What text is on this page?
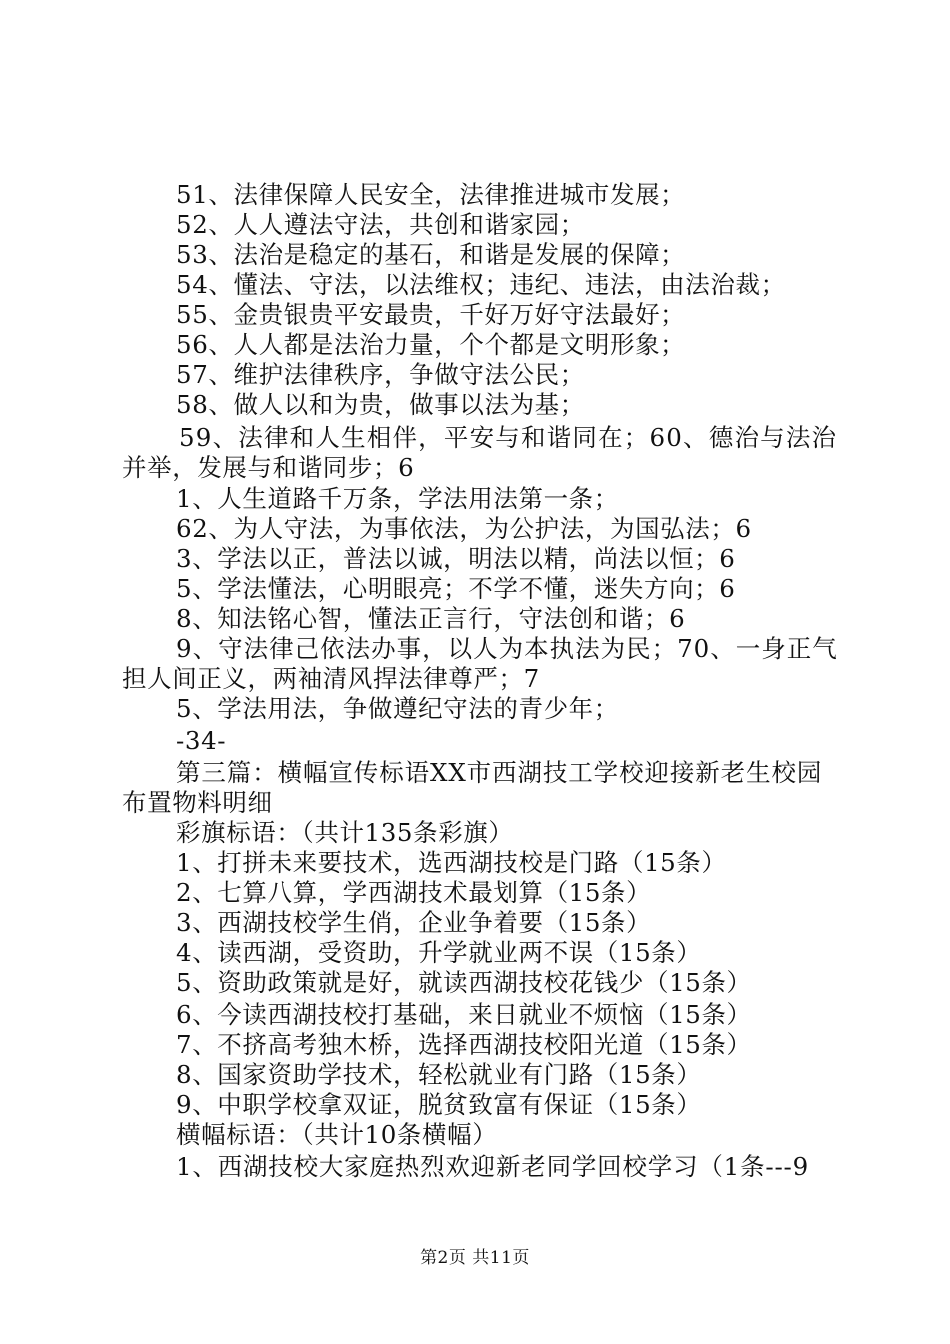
51、法律保障人民安全，法律推进城市发展；
52、人人遵法守法，共创和谐家园；
53、法治是稳定的基石，和谐是发展的保障；
54、懂法、守法，以法维权；违纪、违法，由法治裁；
55、金贵银贵平安最贵，千好万好守法最好；
56、人人都是法治力量，个个都是文明形象；
57、维护法律秩序，争做守法公民；
58、做人以和为贵，做事以法为基；
59、法律和人生相伴，平安与和谐同在；60、德治与法治
并举，发展与和谐同步；6
1、人生道路千万条，学法用法第一条；
62、为人守法，为事依法，为公护法，为国弘法；6
3、学法以正，普法以诚，明法以精，尚法以恒；6
5、学法懂法，心明眼亮；不学不懂，迷失方向；6
8、知法铭心智，懂法正言行，守法创和谐；6
9、守法律己依法办事，以人为本执法为民；70、一身正气
担人间正义，两袖清风捍法律尊严；7
5、学法用法，争做遵纪守法的青少年；
-34-
第三篇：横幅宣传标语XX市西湖技工学校迎接新老生校园
布置物料明细
彩旗标语：（共计135条彩旗）
1、打拼未来要技术，选西湖技校是门路（15条）
2、七算八算，学西湖技术最划算（15条）
3、西湖技校学生俏，企业争着要（15条）
4、读西湖，受资助，升学就业两不误（15条）
5、资助政策就是好，就读西湖技校花钱少（15条）
6、今读西湖技校打基础，来日就业不烦恼（15条）
7、不挤高考独木桥，选择西湖技校阳光道（15条）
8、国家资助学技术，轻松就业有门路（15条）
9、中职学校拿双证，脱贫致富有保证（15条）
横幅标语：（共计10条横幅）
1、西湖技校大家庭热烈欢迎新老同学回校学习（1条---9
第2页 共11页
